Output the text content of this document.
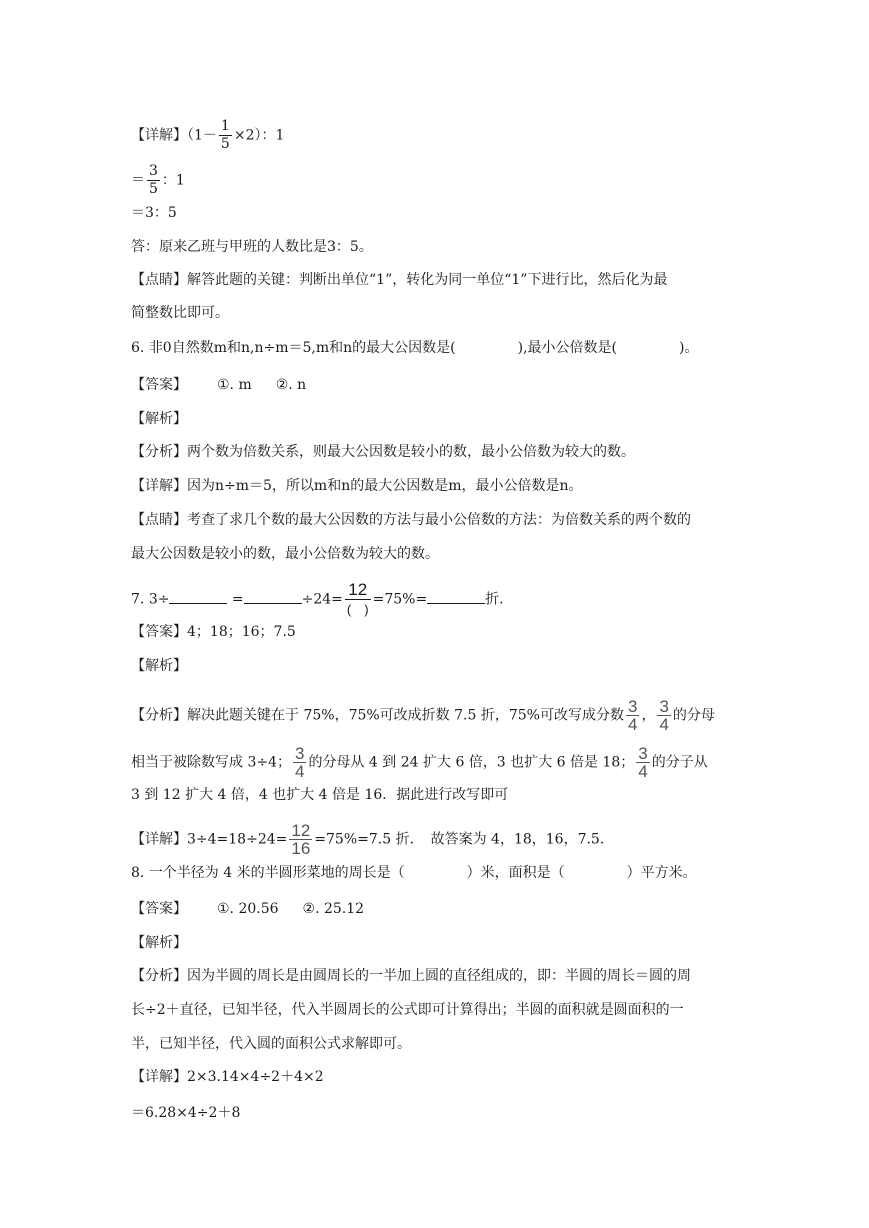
【详解】$(1- \frac{1}{5} \times 2)$：1
＝ $\frac{3}{5}$ ：1
＝3：5
答：原来乙班与甲班的人数比是3：5。
【点睛】解答此题的关键：判断出单位“1”，转化为同一单位“1”下进行比，然后化为最
简整数比即可。
6. 非0自然数m和n,n÷m＝5,m和n的最大公因数是(	),最小公倍数是(	)。
【答案】 ①. m ②. n
【解析】
【分析】两个数为倍数关系，则最大公因数是较小的数，最小公倍数为较大的数。
【详解】因为n÷m＝5，所以m和n的最大公因数是m，最小公倍数是n。
【点睛】考查了求几个数的最大公因数的方法与最小公倍数的方法：为倍数关系的两个数的
最大公因数是较小的数，最小公倍数为较大的数。
7. 3÷	=	$\div 24= \frac{12}{( )} =75\%=$	折.
【答案】4；18；16；7.5
【解析】
【分析】解决此题关键在于 75%，75%可改成折数 7.5 折，75%可改写成分数 $\frac{3}{4}$ ， $\frac{3}{4}$ 的分母
相当于被除数写成 3÷4； $\frac{3}{4}$ 的分母从 4 到 24 扩大 6 倍，3 也扩大 6 倍是 18； $\frac{3}{4}$ 的分子从
3 到 12 扩大 4 倍，4 也扩大 4 倍是 16．据此进行改写即可
【详解】$3\div 4=18\div 24= \frac{12}{16} =75\%=7.5$ 折．　故答案为 4，18，16，7.5.
8. 一个半径为 4 米的半圆形菜地的周长是（	）米，面积是（	）平方米。
【答案】 ①. 20.56 ②. 25.12
【解析】
【分析】因为半圆的周长是由圆周长的一半加上圆的直径组成的，即：半圆的周长＝圆的周
长÷2＋直径，已知半径，代入半圆周长的公式即可计算得出；半圆的面积就是圆面积的一
半，已知半径，代入圆的面积公式求解即可。
【详解】2×3.14×4÷2＋4×2
＝6.28×4÷2＋8
